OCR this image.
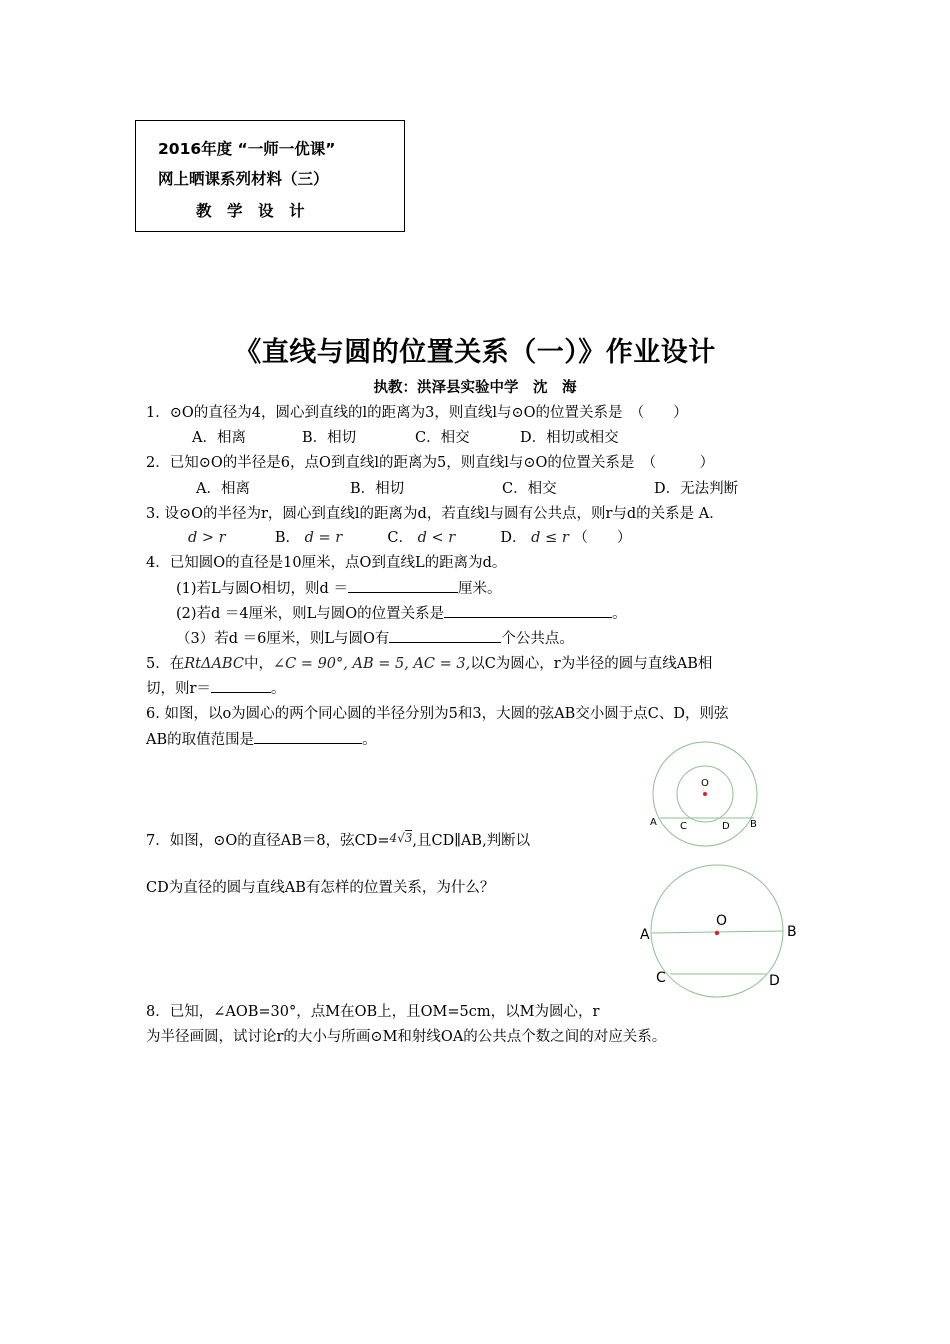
2016年度 “一师一优课”
网上晒课系列材料（三）
教　学　设　计
《直线与圆的位置关系（一）》作业设计
执教：洪泽县实验中学　沈　海
1．⊙O的直径为4，圆心到直线的l的距离为3，则直线l与⊙O的位置关系是　（　　）
A．相离	B．相切	C．相交	D．相切或相交
2．已知⊙O的半径是6，点O到直线l的距离为5，则直线l与⊙O的位置关系是　（　　　）
A．相离	B．相切	C．相交	D．无法判断
3. 设⊙O的半径为r，圆心到直线l的距离为d，若直线l与圆有公共点，则r与d的关系是 A．
d > r	B． d = r	C． d < r	D． d ≤ r （　　）
4．已知圆O的直径是10厘米，点O到直线L的距离为d。
(1)若L与圆O相切，则d ＝	厘米。
(2)若d ＝4厘米，则L与圆O的位置关系是	。
（3）若d ＝6厘米，则L与圆O有	个公共点。
5．在RtΔABC中，∠C = 90°, AB = 5, AC = 3,以C为圆心，r为半径的圆与直线AB相
切，则r＝	。
6. 如图，以o为圆心的两个同心圆的半径分别为5和3，大圆的弦AB交小圆于点C、D，则弦
AB的取值范围是	。
O
A C	D B
7．如图，⊙O的直径AB＝8，弦CD=$^{4√3}$,且CD∥AB,判断以
CD为直径的圆与直线AB有怎样的位置关系，为什么？
O
A	B
C	D
8．已知，∠AOB=30°，点M在OB上，且OM=5cm，以M为圆心，r
为半径画圆，试讨论r的大小与所画⊙M和射线OA的公共点个数之间的对应关系。
